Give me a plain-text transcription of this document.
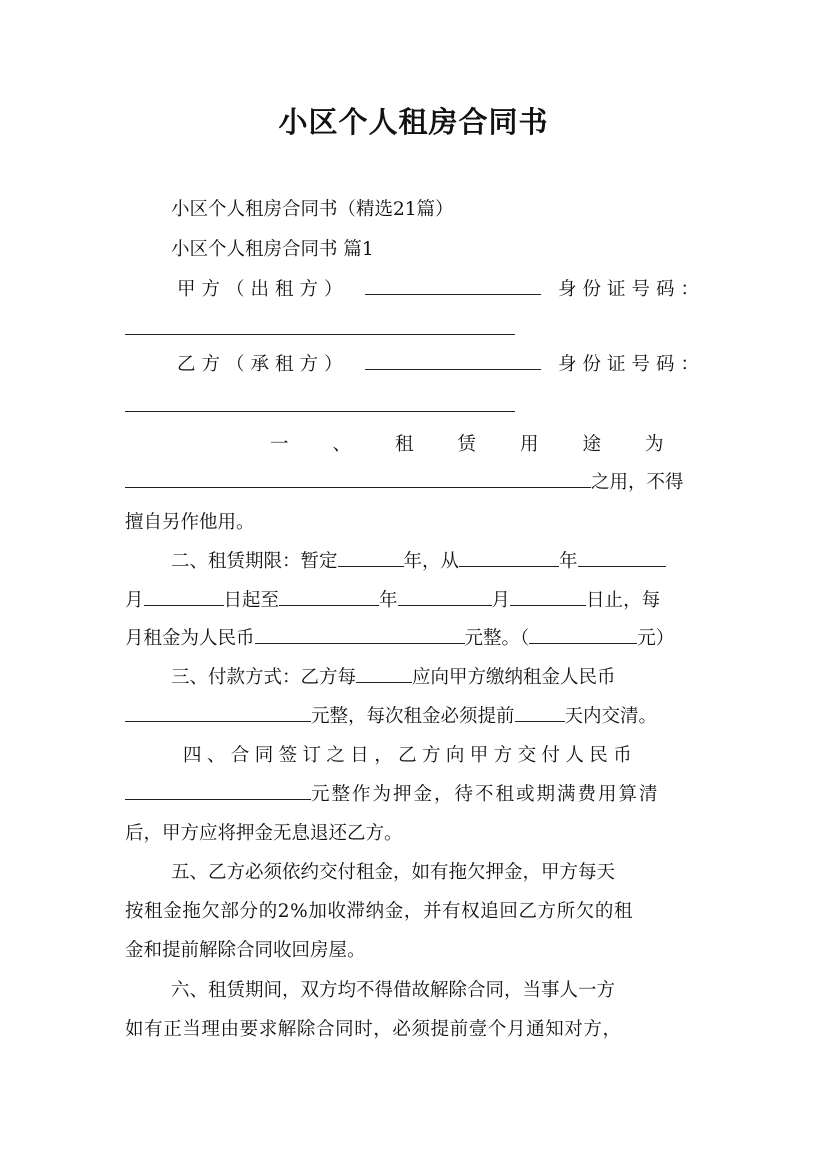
小区个人租房合同书
小区个人租房合同书（精选21篇）
小区个人租房合同书 篇1
甲方（出租方）	身份证号码：
乙方（承租方）	身份证号码：
一、租赁用途为
之用，不得
擅自另作他用。
二、租赁期限：暂定	年，从	年
月	日起至	年	月	日止，每
月租金为人民币	元整。（	元）
三、付款方式：乙方每	应向甲方缴纳租金人民币
元整，每次租金必须提前	天内交清。
四、合同签订之日，乙方向甲方交付人民币
元整作为押金，待不租或期满费用算清
后，甲方应将押金无息退还乙方。
五、乙方必须依约交付租金，如有拖欠押金，甲方每天
按租金拖欠部分的2%加收滞纳金，并有权追回乙方所欠的租
金和提前解除合同收回房屋。
六、租赁期间，双方均不得借故解除合同，当事人一方
如有正当理由要求解除合同时，必须提前壹个月通知对方，
